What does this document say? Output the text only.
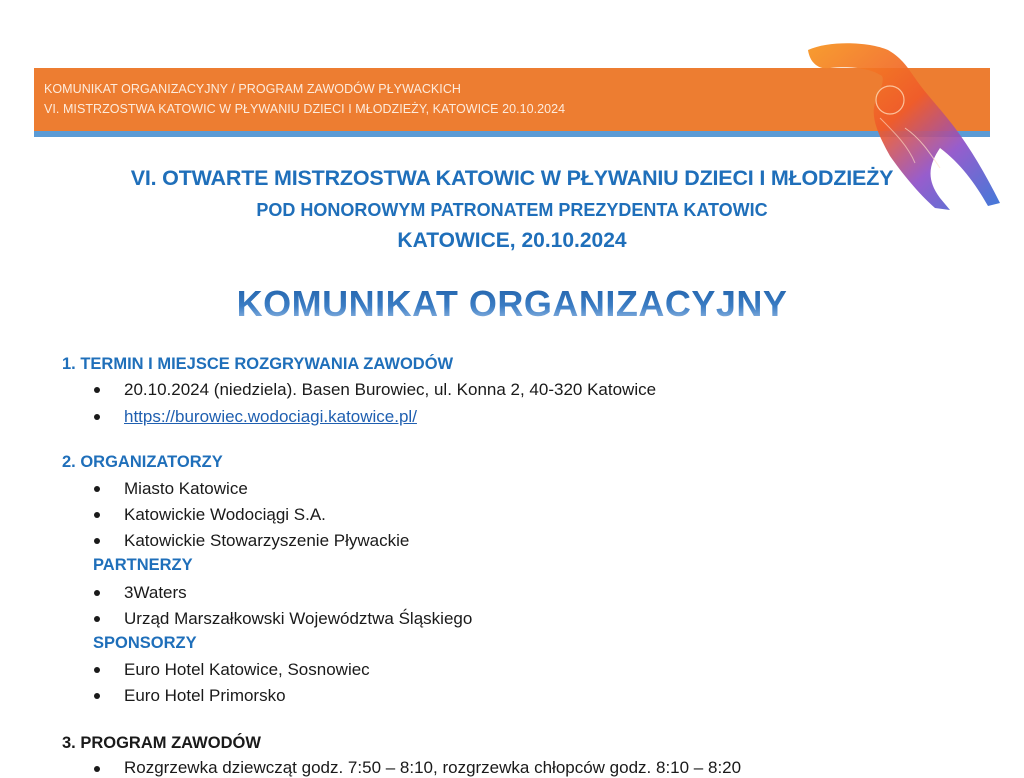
KOMUNIKAT ORGANIZACYJNY / PROGRAM ZAWODÓW PŁYWACKICH
VI. MISTRZOSTWA KATOWIC W PŁYWANIU DZIECI I MŁODZIEŻY, KATOWICE 20.10.2024
VI. OTWARTE MISTRZOSTWA KATOWIC W PŁYWANIU DZIECI I MŁODZIEŻY
POD HONOROWYM PATRONATEM PREZYDENTA KATOWIC
KATOWICE, 20.10.2024
KOMUNIKAT ORGANIZACYJNY
1. TERMIN I MIEJSCE ROZGRYWANIA ZAWODÓW
20.10.2024 (niedziela). Basen Burowiec, ul. Konna 2, 40-320 Katowice
https://burowiec.wodociagi.katowice.pl/
2. ORGANIZATORZY
Miasto Katowice
Katowickie Wodociągi S.A.
Katowickie Stowarzyszenie Pływackie
PARTNERZY
3Waters
Urząd Marszałkowski Województwa Śląskiego
SPONSORZY
Euro Hotel Katowice, Sosnowiec
Euro Hotel Primorsko
3. PROGRAM ZAWODÓW
Rozgrzewka dziewcząt godz. 7:50 – 8:10, rozgrzewka chłopców godz. 8:10 – 8:20
